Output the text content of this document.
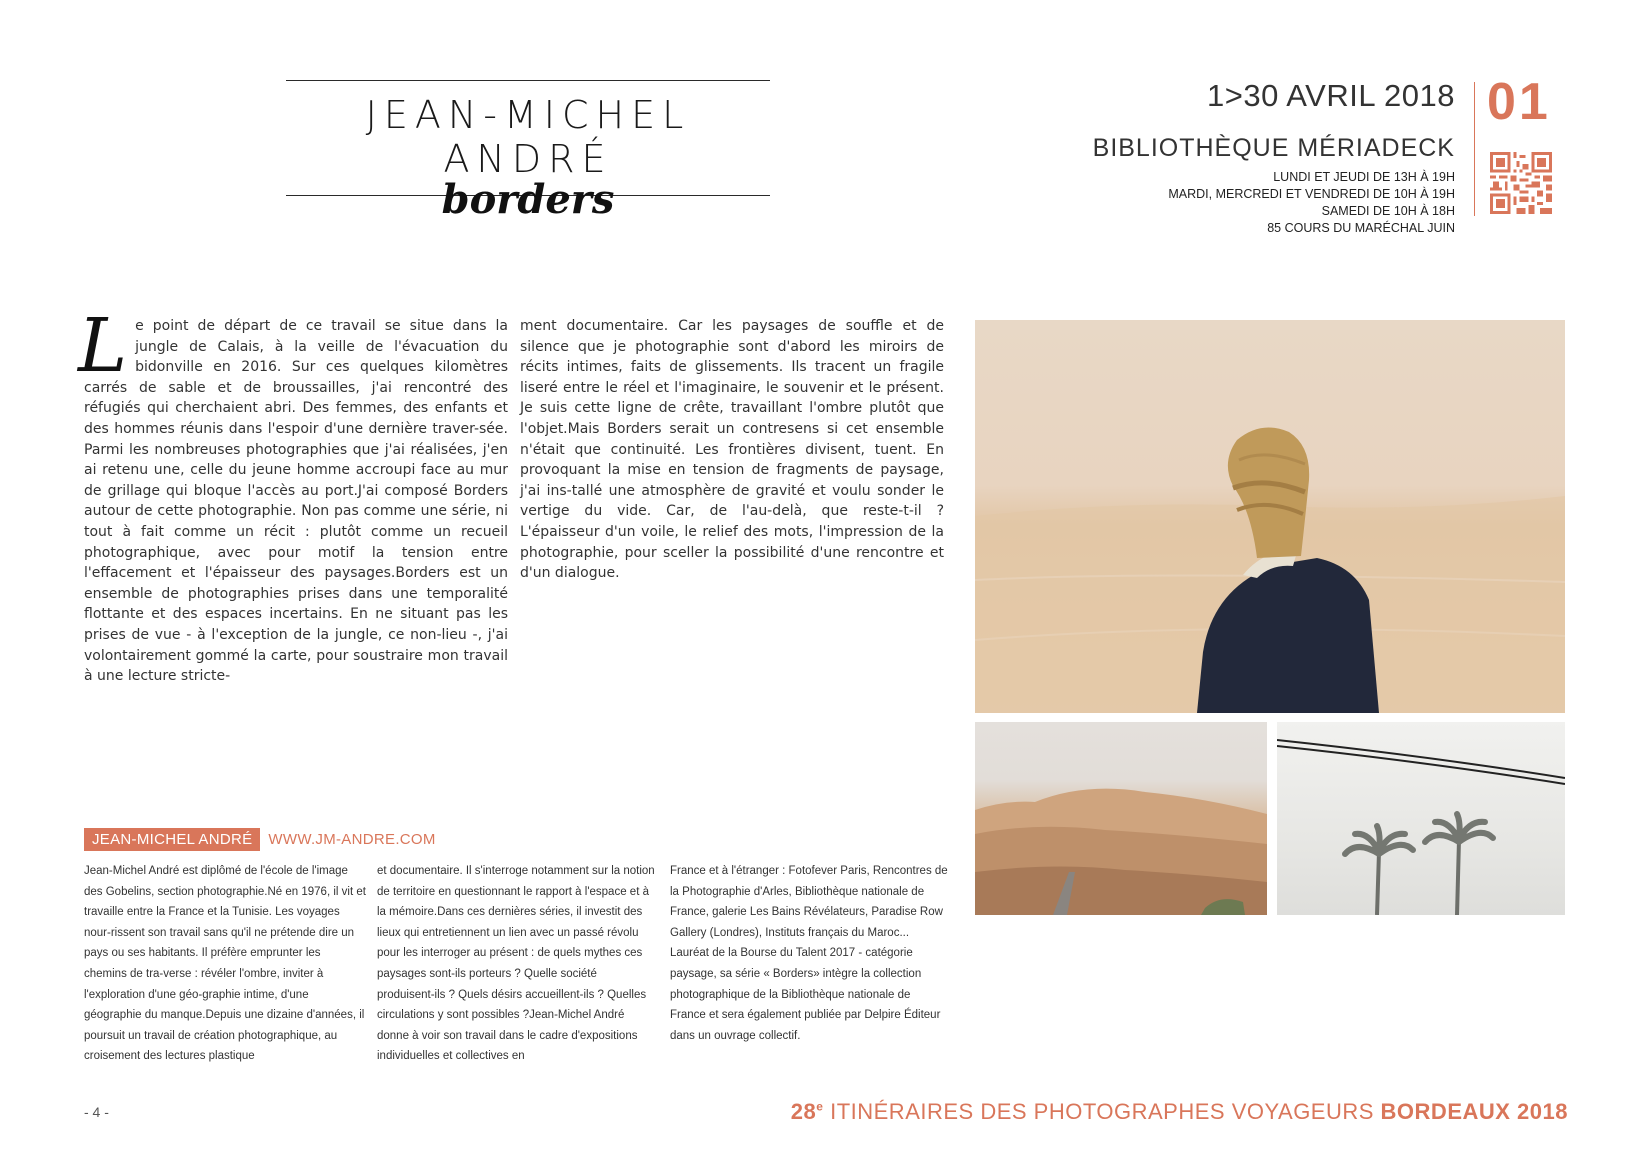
JEAN-MICHEL ANDRÉ
borders
1>30 AVRIL 2018
BIBLIOTHÈQUE MÉRIADECK
LUNDI ET JEUDI DE 13H À 19H
MARDI, MERCREDI ET VENDREDI DE 10H À 19H
SAMEDI DE 10H À 18H
85 COURS DU MARÉCHAL JUIN
01
L e point de départ de ce travail se situe dans la jungle de Calais, à la veille de l'évacuation du bidonville en 2016. Sur ces quelques kilomètres carrés de sable et de broussailles, j'ai rencontré des réfugiés qui cherchaient abri. Des femmes, des enfants et des hommes réunis dans l'espoir d'une dernière traver-sée. Parmi les nombreuses photographies que j'ai réalisées, j'en ai retenu une, celle du jeune homme accroupi face au mur de grillage qui bloque l'accès au port.J'ai composé Borders autour de cette photographie. Non pas comme une série, ni tout à fait comme un récit : plutôt comme un recueil photographique, avec pour motif la tension entre l'effacement et l'épaisseur des paysages.Borders est un ensemble de photographies prises dans une temporalité flottante et des espaces incertains. En ne situant pas les prises de vue - à l'exception de la jungle, ce non-lieu -, j'ai volontairement gommé la carte, pour soustraire mon travail à une lecture stricte-
ment documentaire. Car les paysages de souffle et de silence que je photographie sont d'abord les miroirs de récits intimes, faits de glissements. Ils tracent un fragile liseré entre le réel et l'imaginaire, le souvenir et le présent. Je suis cette ligne de crête, travaillant l'ombre plutôt que l'objet.Mais Borders serait un contresens si cet ensemble n'était que continuité. Les frontières divisent, tuent. En provoquant la mise en tension de fragments de paysage, j'ai ins-tallé une atmosphère de gravité et voulu sonder le vertige du vide. Car, de l'au-delà, que reste-t-il ? L'épaisseur d'un voile, le relief des mots, l'impression de la photographie, pour sceller la possibilité d'une rencontre et d'un dialogue.
JEAN-MICHEL ANDRÉ WWW.JM-ANDRE.COM
Jean-Michel André est diplômé de l'école de l'image des Gobelins, section photographie.Né en 1976, il vit et travaille entre la France et la Tunisie. Les voyages nour-rissent son travail sans qu'il ne prétende dire un pays ou ses habitants. Il préfère emprunter les chemins de tra-verse : révéler l'ombre, inviter à l'exploration d'une géo-graphie intime, d'une géographie du manque.Depuis une dizaine d'années, il poursuit un travail de création photographique, au croisement des lectures plastique
et documentaire. Il s'interroge notamment sur la notion de territoire en questionnant le rapport à l'espace et à la mémoire.Dans ces dernières séries, il investit des lieux qui entretiennent un lien avec un passé révolu pour les interroger au présent : de quels mythes ces paysages sont-ils porteurs ? Quelle société produisent-ils ? Quels désirs accueillent-ils ? Quelles circulations y sont possibles ?Jean-Michel André donne à voir son travail dans le cadre d'expositions individuelles et collectives en
France et à l'étranger : Fotofever Paris, Rencontres de la Photographie d'Arles, Bibliothèque nationale de France, galerie Les Bains Révélateurs, Paradise Row Gallery (Londres), Instituts français du Maroc... Lauréat de la Bourse du Talent 2017 - catégorie paysage, sa série « Borders» intègre la collection photographique de la Bibliothèque nationale de France et sera également publiée par Delpire Éditeur dans un ouvrage collectif.
- 4 -	28e ITINÉRAIRES DES PHOTOGRAPHES VOYAGEURS BORDEAUX 2018
